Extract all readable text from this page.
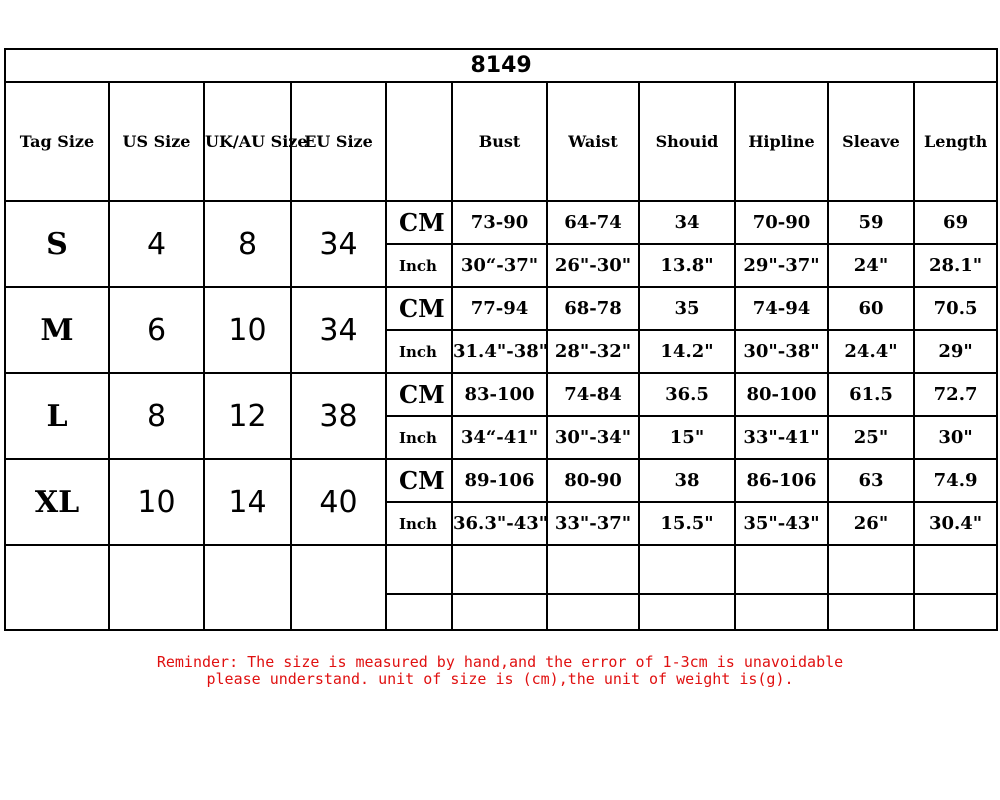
8149										
Tag Size	US Size	UK/AU Size	EU Size		Bust	Waist	Shouid	Hipline	Sleave	Length
S	4	8	34	CM	73-90	64-74	34	70-90	59	69
				Inch	30“-37"	26"-30"	13.8"	29"-37"	24"	28.1"
M	6	10	34	CM	77-94	68-78	35	74-94	60	70.5
				Inch	31.4"-38"	28"-32"	14.2"	30"-38"	24.4"	29"
L	8	12	38	CM	83-100	74-84	36.5	80-100	61.5	72.7
				Inch	34“-41"	30"-34"	15"	33"-41"	25"	30"
XL	10	14	40	CM	89-106	80-90	38	86-106	63	74.9
				Inch	36.3"-43"	33"-37"	15.5"	35"-43"	26"	30.4"

Reminder: The size is measured by hand,and the error of 1-3cm is unavoidable
please understand. unit of size is (cm),the unit of weight is(g).
